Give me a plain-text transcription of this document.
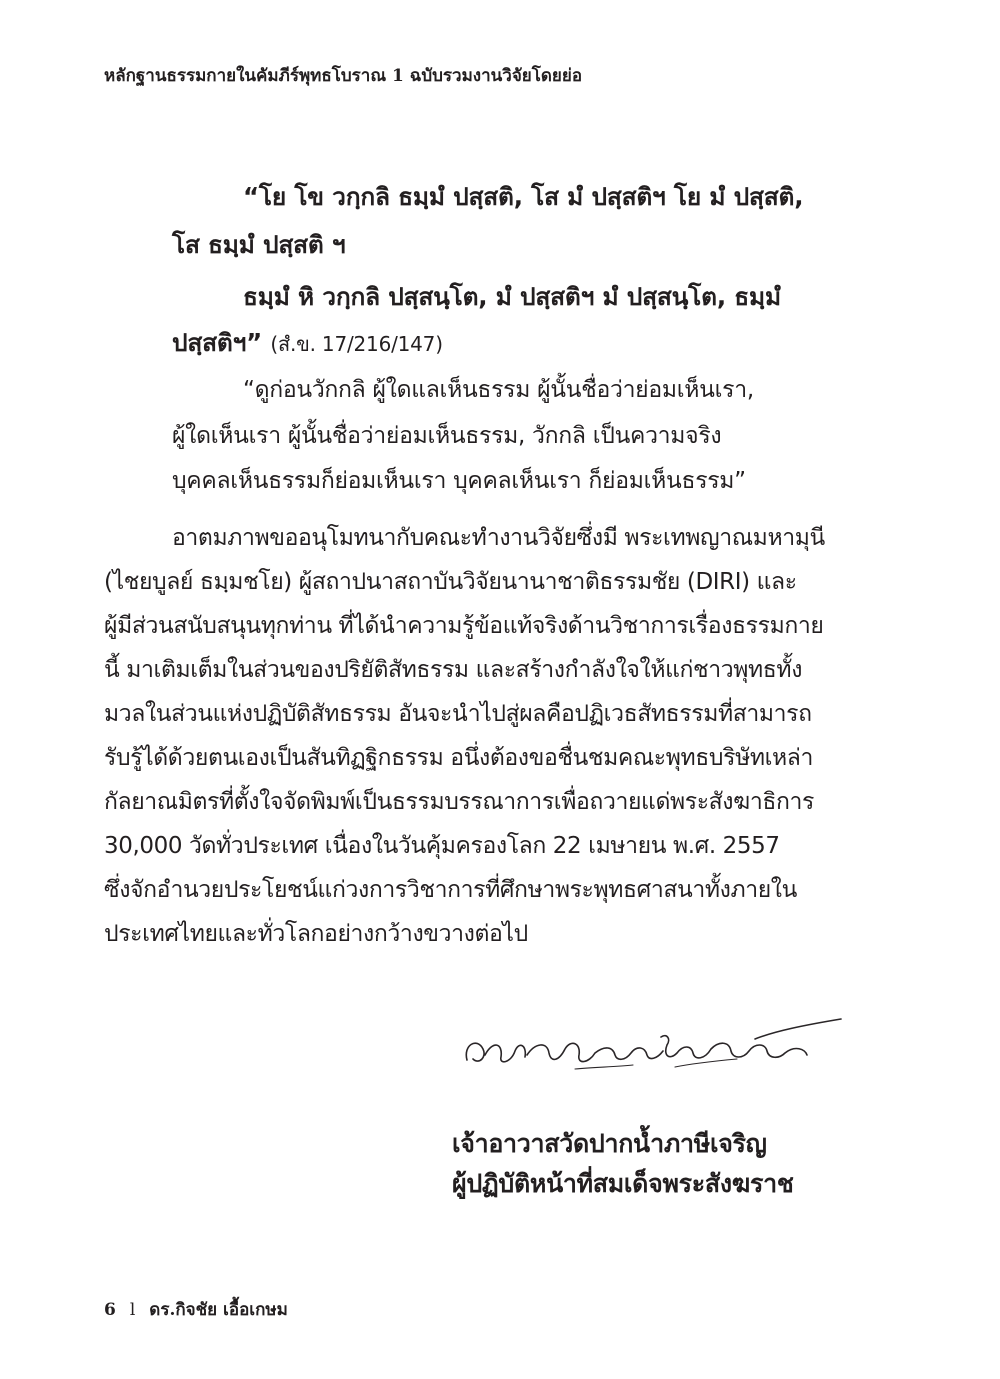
หลักฐานธรรมกายในคัมภีร์พุทธโบราณ 1 ฉบับรวมงานวิจัยโดยย่อ
“โย โข วกฺกลิ ธมฺมํ ปสฺสติ, โส มํ ปสฺสติฯ โย มํ ปสฺสติ,
โส ธมฺมํ ปสฺสติ ฯ
ธมฺมํ หิ วกฺกลิ ปสฺสนฺโต, มํ ปสฺสติฯ มํ ปสฺสนฺโต, ธมฺมํ
ปสฺสติฯ” (สํ.ข. 17/216/147)
“ดูก่อนวักกลิ ผู้ใดแลเห็นธรรม ผู้นั้นชื่อว่าย่อมเห็นเรา,
ผู้ใดเห็นเรา ผู้นั้นชื่อว่าย่อมเห็นธรรม, วักกลิ เป็นความจริง
บุคคลเห็นธรรมก็ย่อมเห็นเรา บุคคลเห็นเรา ก็ย่อมเห็นธรรม”
อาตมภาพขออนุโมทนากับคณะทำงานวิจัยซึ่งมี พระเทพญาณมหามุนี
(ไชยบูลย์ ธมฺมชโย) ผู้สถาปนาสถาบันวิจัยนานาชาติธรรมชัย (DIRI) และ
ผู้มีส่วนสนับสนุนทุกท่าน ที่ได้นำความรู้ข้อแท้จริงด้านวิชาการเรื่องธรรมกาย
นี้ มาเติมเต็มในส่วนของปริยัติสัทธรรม และสร้างกำลังใจให้แก่ชาวพุทธทั้ง
มวลในส่วนแห่งปฏิบัติสัทธรรม อันจะนำไปสู่ผลคือปฏิเวธสัทธรรมที่สามารถ
รับรู้ได้ด้วยตนเองเป็นสันทิฏฐิกธรรม อนึ่งต้องขอชื่นชมคณะพุทธบริษัทเหล่า
กัลยาณมิตรที่ตั้งใจจัดพิมพ์เป็นธรรมบรรณาการเพื่อถวายแด่พระสังฆาธิการ
30,000 วัดทั่วประเทศ เนื่องในวันคุ้มครองโลก 22 เมษายน พ.ศ. 2557
ซึ่งจักอำนวยประโยชน์แก่วงการวิชาการที่ศึกษาพระพุทธศาสนาทั้งภายใน
ประเทศไทยและทั่วโลกอย่างกว้างขวางต่อไป
เจ้าอาวาสวัดปากน้ำภาษีเจริญ
ผู้ปฏิบัติหน้าที่สมเด็จพระสังฆราช
6 l ดร.กิจชัย เอื้อเกษม
